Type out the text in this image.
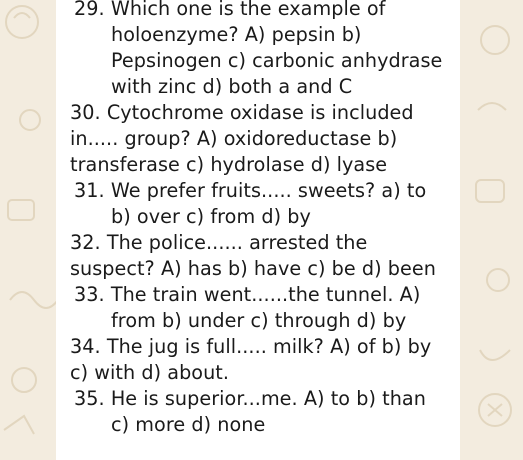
29. Which one is the example of
holoenzyme? A) pepsin b)
Pepsinogen c) carbonic anhydrase
with zinc d) both a and C
30. Cytochrome oxidase is included
in..... group? A) oxidoreductase b)
transferase c) hydrolase d) lyase
31. We prefer fruits..... sweets? a) to
b) over c) from d) by
32. The police...... arrested the
suspect? A) has b) have c) be d) been
33. The train went......the tunnel. A)
from b) under c) through d) by
34. The jug is full..... milk? A) of b) by
c) with d) about.
35. He is superior...me. A) to b) than
c) more d) none
